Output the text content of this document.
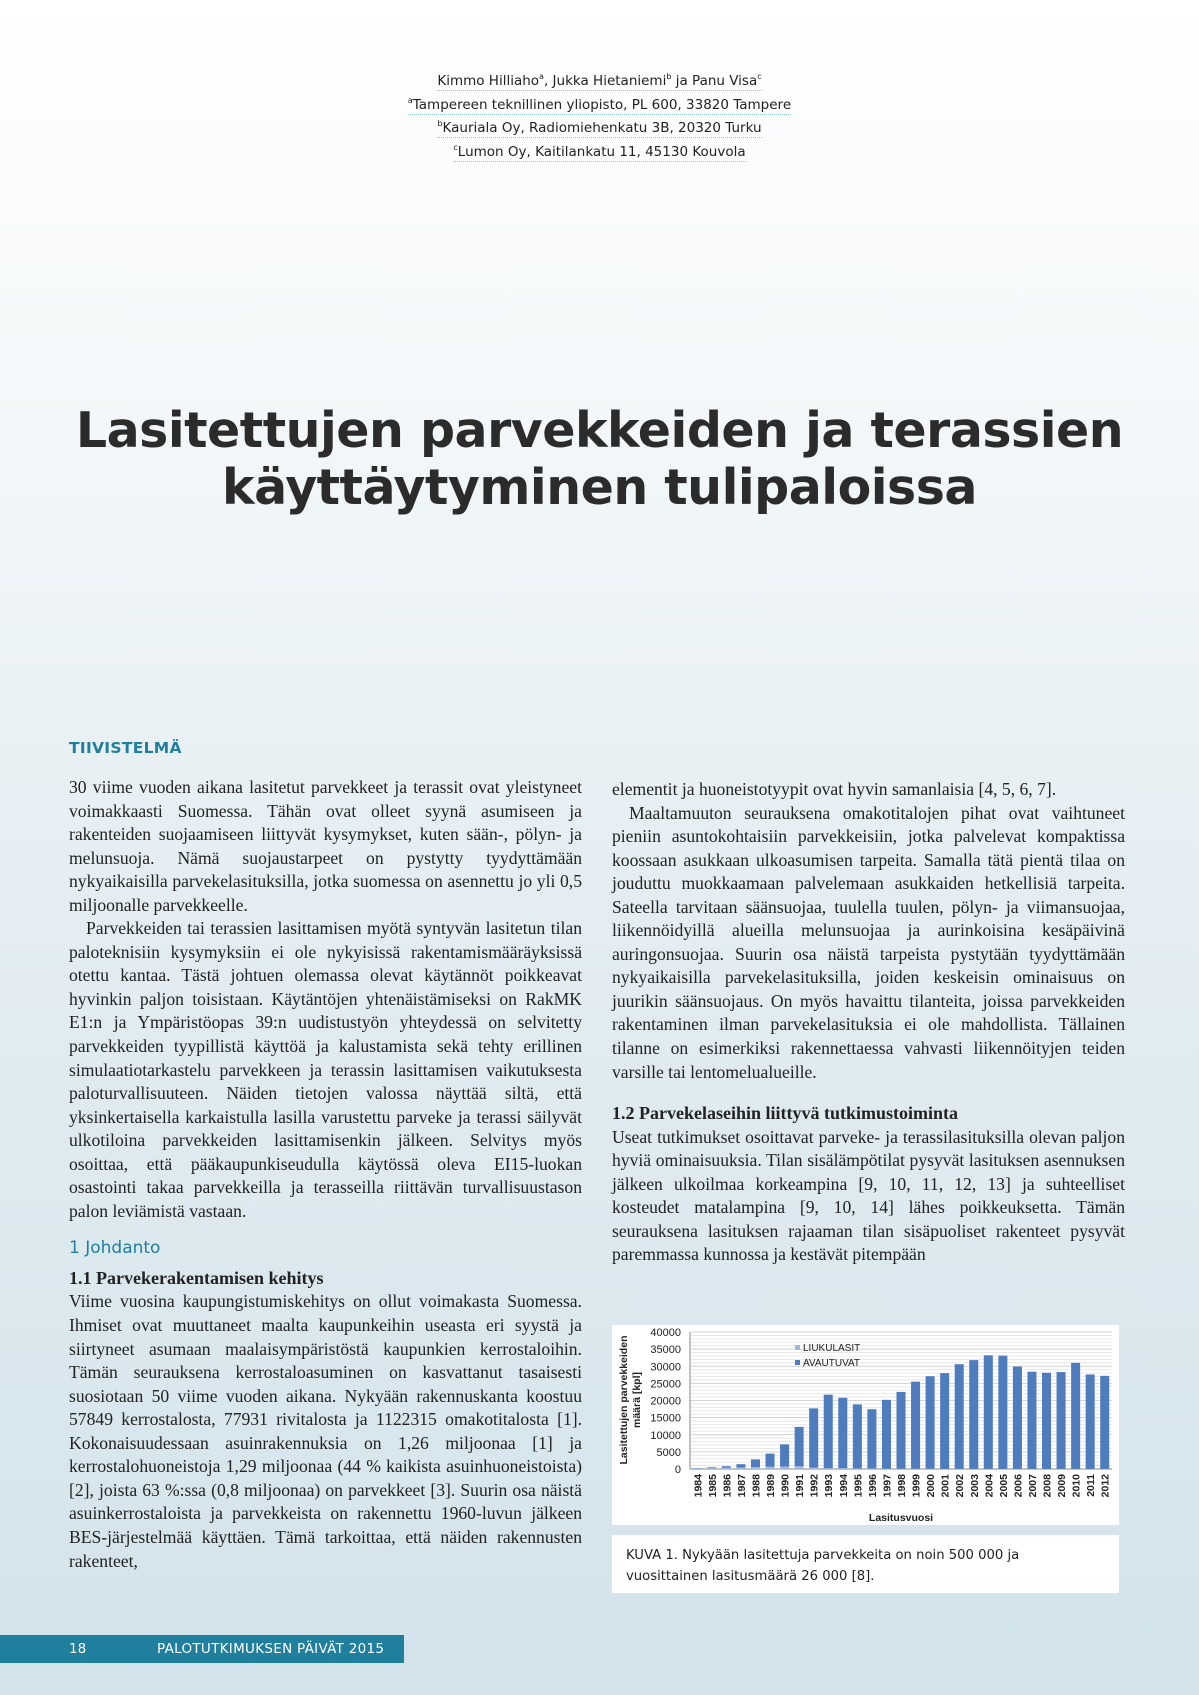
Kimmo Hilliaho$^a$, Jukka Hietaniemi$^b$ ja Panu Visa$^c$
$^a$Tampereen teknillinen yliopisto, PL 600, 33820 Tampere
$^b$Kauriala Oy, Radiomiehenkatu 3B, 20320 Turku
$^c$Lumon Oy, Kaitilankatu 11, 45130 Kouvola
Lasitettujen parvekkeiden ja terassien
käyttäytyminen tulipaloissa
TIIVISTELMÄ

30 viime vuoden aikana lasitetut parvekkeet ja terassit ovat yleistyneet voimakkaasti Suomessa. Tähän ovat olleet syynä asumiseen ja rakenteiden suojaamiseen liittyvät kysymykset, kuten sään-, pölyn- ja melunsuoja. Nämä suojaustarpeet on pystytty tyydyttämään nykyaikaisilla parvekelasituksilla, jotka suomessa on asennettu jo yli 0,5 miljoonalle parvekkeelle.

Parvekkeiden tai terassien lasittamisen myötä syntyvän lasitetun tilan paloteknisiin kysymyksiin ei ole nykyisissä rakentamismääräyksissä otettu kantaa. Tästä johtuen olemassa olevat käytännöt poikkeavat hyvinkin paljon toisistaan. Käytäntöjen yhtenäistämiseksi on RakMK E1:n ja Ympäristöopas 39:n uudistustyön yhteydessä on selvitetty parvekkeiden tyypillistä käyttöä ja kalustamista sekä tehty erillinen simulaatiotarkastelu parvekkeen ja terassin lasittamisen vaikutuksesta paloturvallisuuteen. Näiden tietojen valossa näyttää siltä, että yksinkertaisella karkaistulla lasilla varustettu parveke ja terassi säilyvät ulkotiloina parvekkeiden lasittamisenkin jälkeen. Selvitys myös osoittaa, että pääkaupunkiseudulla käytössä oleva EI15-luokan osastointi takaa parvekkeilla ja terasseilla riittävän turvallisuustason palon leviämistä vastaan.

1 Johdanto

1.1 Parvekerakentamisen kehitys

Viime vuosina kaupungistumiskehitys on ollut voimakasta Suomessa. Ihmiset ovat muuttaneet maalta kaupunkeihin useasta eri syystä ja siirtyneet asumaan maalaisympäristöstä kaupunkien kerrostaloihin. Tämän seurauksena kerrostaloasuminen on kasvattanut tasaisesti suosiotaan 50 viime vuoden aikana. Nykyään rakennuskanta koostuu 57849 kerrostalosta, 77931 rivitalosta ja 1122315 omakotitalosta [1]. Kokonaisuudessaan asuinrakennuksia on 1,26 miljoonaa [1] ja kerrostalohuoneistoja 1,29 miljoonaa (44 % kaikista asuinhuoneistoista) [2], joista 63 %:ssa (0,8 miljoonaa) on parvekkeet [3]. Suurin osa näistä asuinkerrostaloista ja parvekkeista on rakennettu 1960-luvun jälkeen BES-järjestelmää käyttäen. Tämä tarkoittaa, että näiden rakennusten rakenteet,

elementit ja huoneistotyypit ovat hyvin samanlaisia [4, 5, 6, 7].

Maaltamuuton seurauksena omakotitalojen pihat ovat vaihtuneet pieniin asuntokohtaisiin parvekkeisiin, jotka palvelevat kompaktissa koossaan asukkaan ulkoasumisen tarpeita. Samalla tätä pientä tilaa on jouduttu muokkaamaan palvelemaan asukkaiden hetkellisiä tarpeita. Sateella tarvitaan säänsuojaa, tuulella tuulen, pölyn- ja viimansuojaa, liikennöidyillä alueilla melunsuojaa ja aurinkoisina kesäpäivinä auringonsuojaa. Suurin osa näistä tarpeista pystytään tyydyttämään nykyaikaisilla parvekelasituksilla, joiden keskeisin ominaisuus on juurikin säänsuojaus. On myös havaittu tilanteita, joissa parvekkeiden rakentaminen ilman parvekelasituksia ei ole mahdollista. Tällainen tilanne on esimerkiksi rakennettaessa vahvasti liikennöityjen teiden varsille tai lentomelualueille.

1.2 Parvekelaseihin liittyvä tutkimustoiminta

Useat tutkimukset osoittavat parveke- ja terassilasituksilla olevan paljon hyviä ominaisuuksia. Tilan sisälämpötilat pysyvät lasituksen asennuksen jälkeen ulkoilmaa korkeampina [9, 10, 11, 12, 13] ja suhteelliset kosteudet matalampina [9, 10, 14] lähes poikkeuksetta. Tämän seurauksena lasituksen rajaaman tilan sisäpuoliset rakenteet pysyvät paremmassa kunnossa ja kestävät pitempään

0
5000
10000
15000
20000
25000
30000
35000
40000
1984 1985 1986 1987 1988 1989 1990 1991 1992 1993 1994 1995 1996 1997 1998 1999 2000 2001 2002 2003 2004 2005 2006 2007 2008 2009 2010 2011 2012
LIUKULASIT
AVAUTUVAT
Lasitusvuosi
Lasitettujen parvekkeiden määrä [kpl]
KUVA 1. Nykyään lasitettuja parvekkeita on noin 500 000 ja vuosittainen lasitusmäärä 26 000 [8].
18	PALOTUTKIMUKSEN PÄIVÄT 2015
